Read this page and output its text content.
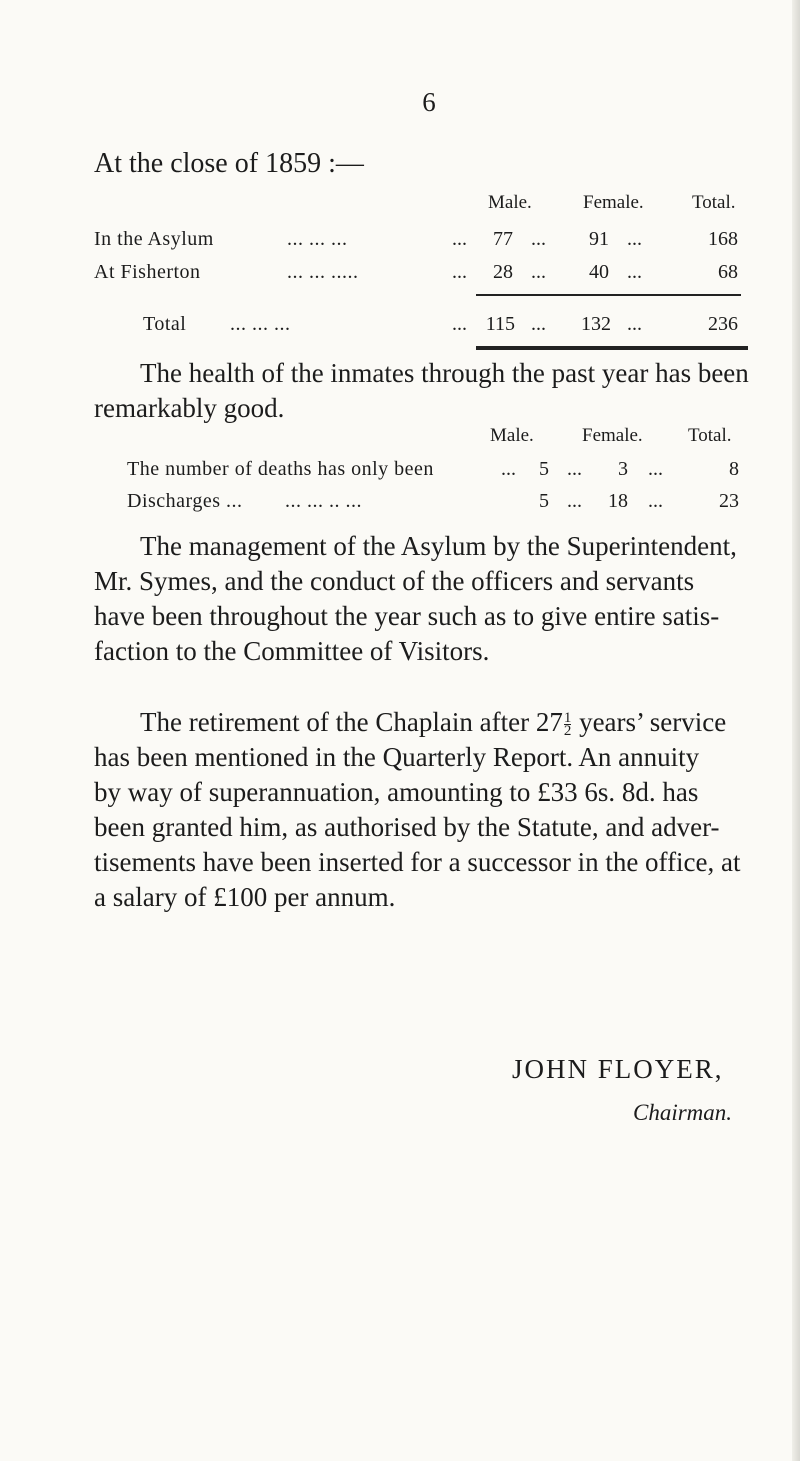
6
At the close of 1859 :—
Male.	Female.	Total.
In the Asylum	... ... ...	...	77 ...	91 ...	168
At Fisherton	... ... .....	...	28 ...	40 ...	68
Total ... ... ...	... 115 ...	132 ...	236
The health of the inmates through the past year has been
remarkably good.
Male.	Female. Total.
The number of deaths has only been	...	5 ...	3 ...	8
Discharges ... ... ... .. ...	5 ...	18 ...	23
The management of the Asylum by the Superintendent,
Mr. Symes, and the conduct of the officers and servants
have been throughout the year such as to give entire satis-
faction to the Committee of Visitors.
The retirement of the Chaplain after $27 \frac{1}{2}$ years’ service
has been mentioned in the Quarterly Report. An annuity
by way of superannuation, amounting to £33 6s. 8d. has
been granted him, as authorised by the Statute, and adver-
tisements have been inserted for a successor in the office, at
a salary of £100 per annum.
JOHN FLOYER,
Chairman.
